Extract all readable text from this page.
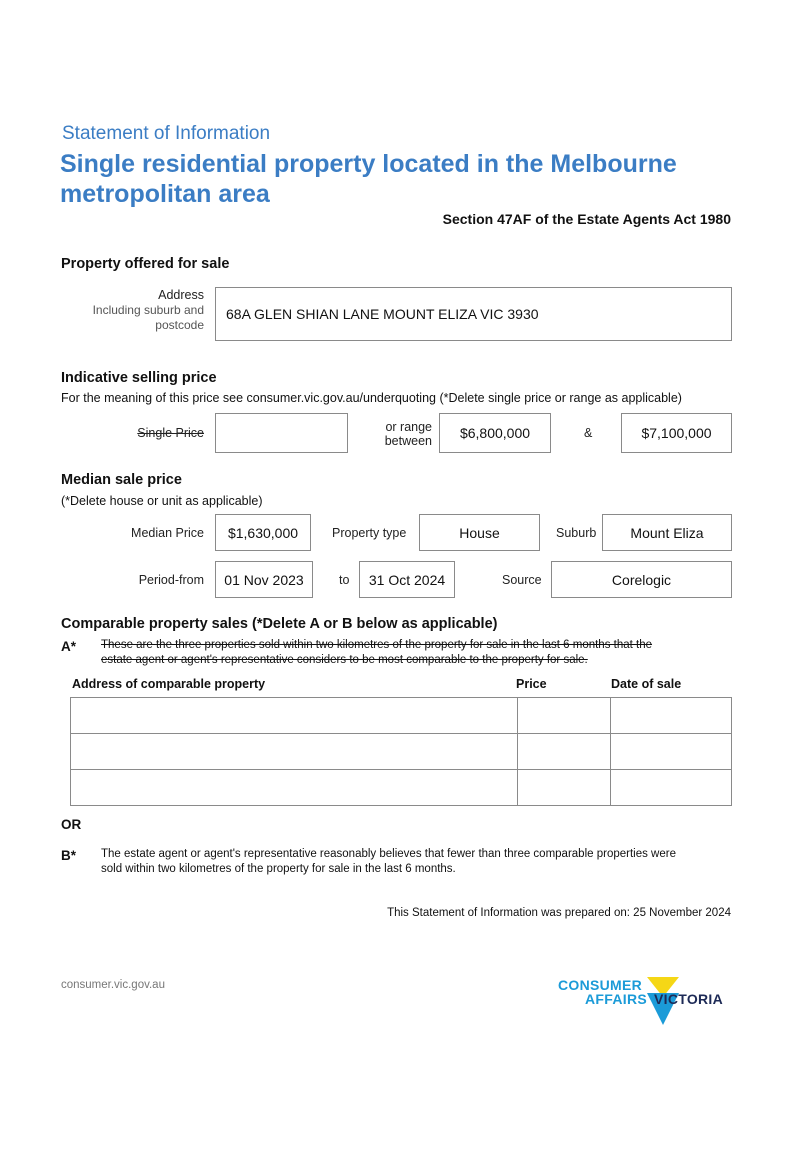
Statement of Information
Single residential property located in the Melbourne
metropolitan area
Section 47AF of the Estate Agents Act 1980
Property offered for sale
Address
Including suburb and
postcode
68A GLEN SHIAN LANE MOUNT ELIZA VIC 3930
Indicative selling price
For the meaning of this price see consumer.vic.gov.au/underquoting (*Delete single price or range as applicable)
Single Price	or range
between $6,800,000	&	$7,100,000
Median sale price
(*Delete house or unit as applicable)
Median Price $1,630,000	Property type	House	Suburb Mount Eliza
Period-from 01 Nov 2023	to 31 Oct 2024	Source	Corelogic
Comparable property sales (*Delete A or B below as applicable)
A* These are the three properties sold within two kilometres of the property for sale in the last 6 months that the
estate agent or agent's representative considers to be most comparable to the property for sale.
Address of comparable property	Price	Date of sale

OR
B* The estate agent or agent's representative reasonably believes that fewer than three comparable properties were
sold within two kilometres of the property for sale in the last 6 months.
This Statement of Information was prepared on: 25 November 2024
consumer.vic.gov.au	CONSUMER
AFFAIRS VICTORIA
